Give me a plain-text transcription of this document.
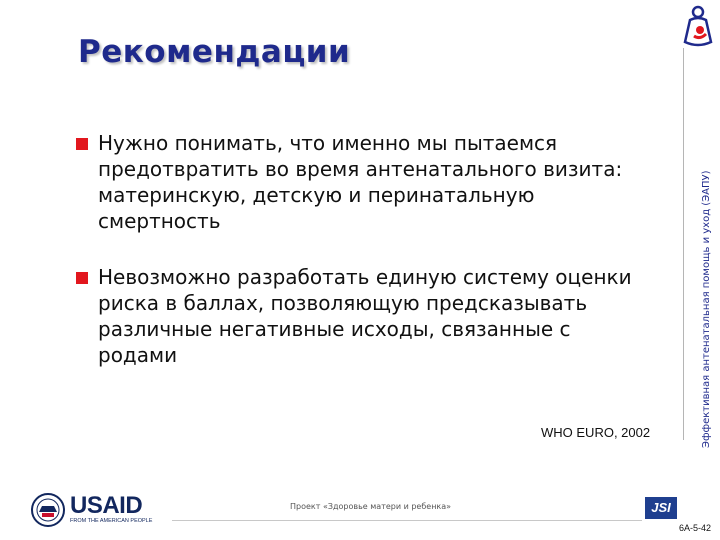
Рекомендации
Эффективная антенатальная помощь и уход (ЭАПУ)
Нужно понимать, что именно мы пытаемся предотвратить во время антенатального визита: материнскую, детскую и перинатальную смертность
Невозможно разработать единую систему оценки риска в баллах, позволяющую предсказывать различные негативные исходы, связанные с родами
WHO EURO, 2002
USAID
FROM THE AMERICAN PEOPLE
Проект «Здоровье матери и ребенка»	JSI
6A-5-42
